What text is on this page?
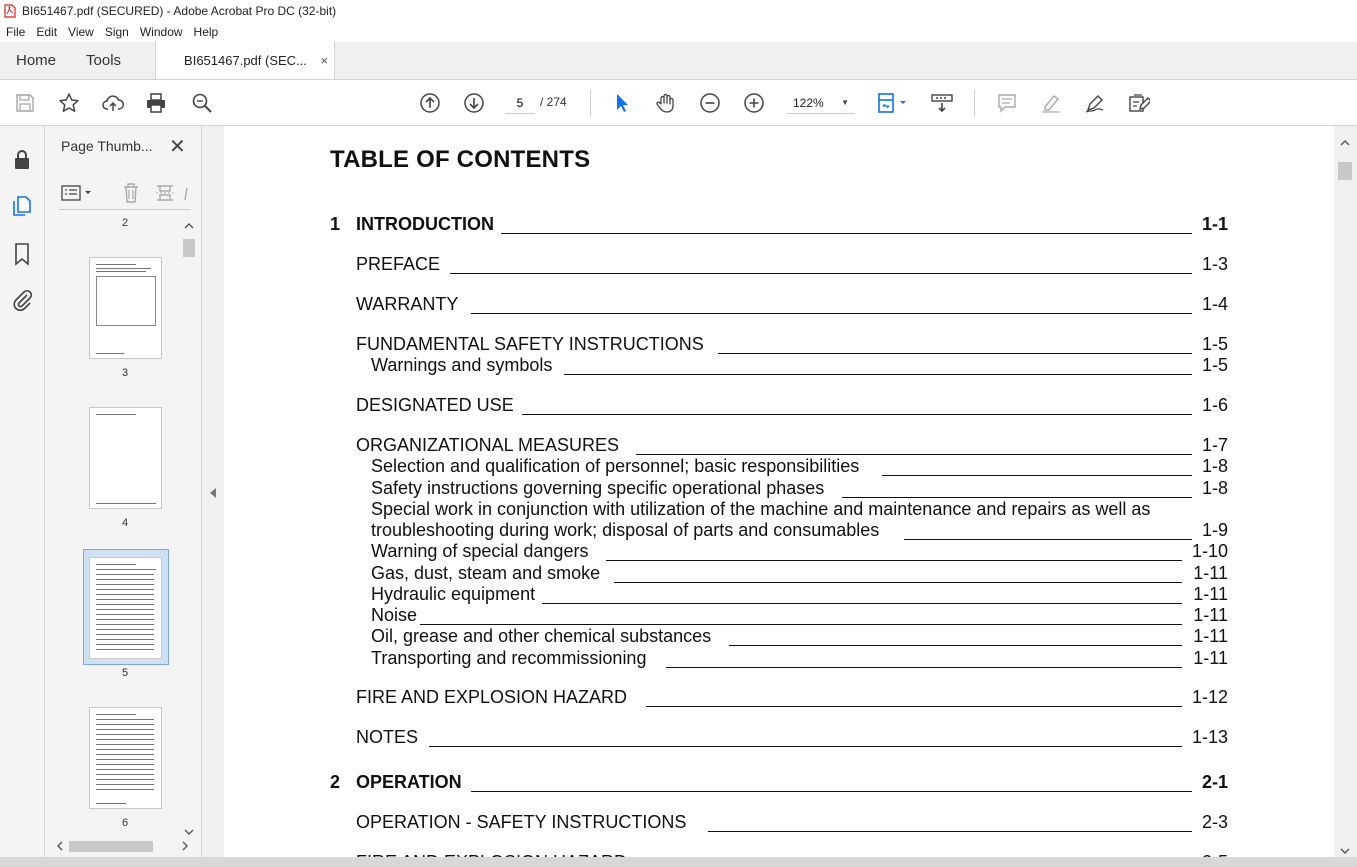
BI651467.pdf (SECURED) - Adobe Acrobat Pro DC (32-bit)
File Edit View Sign Window Help
Home	Tools	BI651467.pdf (SEC... ×
5
/ 274	122% ▼
Page Thumb... ✕
2
3
4
5
6
TABLE OF CONTENTS
1 INTRODUCTION	1-1
PREFACE	1-3
WARRANTY	1-4
FUNDAMENTAL SAFETY INSTRUCTIONS	1-5
Warnings and symbols	1-5
DESIGNATED USE	1-6
ORGANIZATIONAL MEASURES	1-7
Selection and qualification of personnel; basic responsibilities	1-8
Safety instructions governing specific operational phases	1-8
Special work in conjunction with utilization of the machine and maintenance and repairs as well as
troubleshooting during work; disposal of parts and consumables	1-9
Warning of special dangers	1-10
Gas, dust, steam and smoke	1-11
Hydraulic equipment	1-11
Noise	1-11
Oil, grease and other chemical substances	1-11
Transporting and recommissioning	1-11
FIRE AND EXPLOSION HAZARD	1-12
NOTES	1-13
2 OPERATION	2-1
OPERATION - SAFETY INSTRUCTIONS	2-3
